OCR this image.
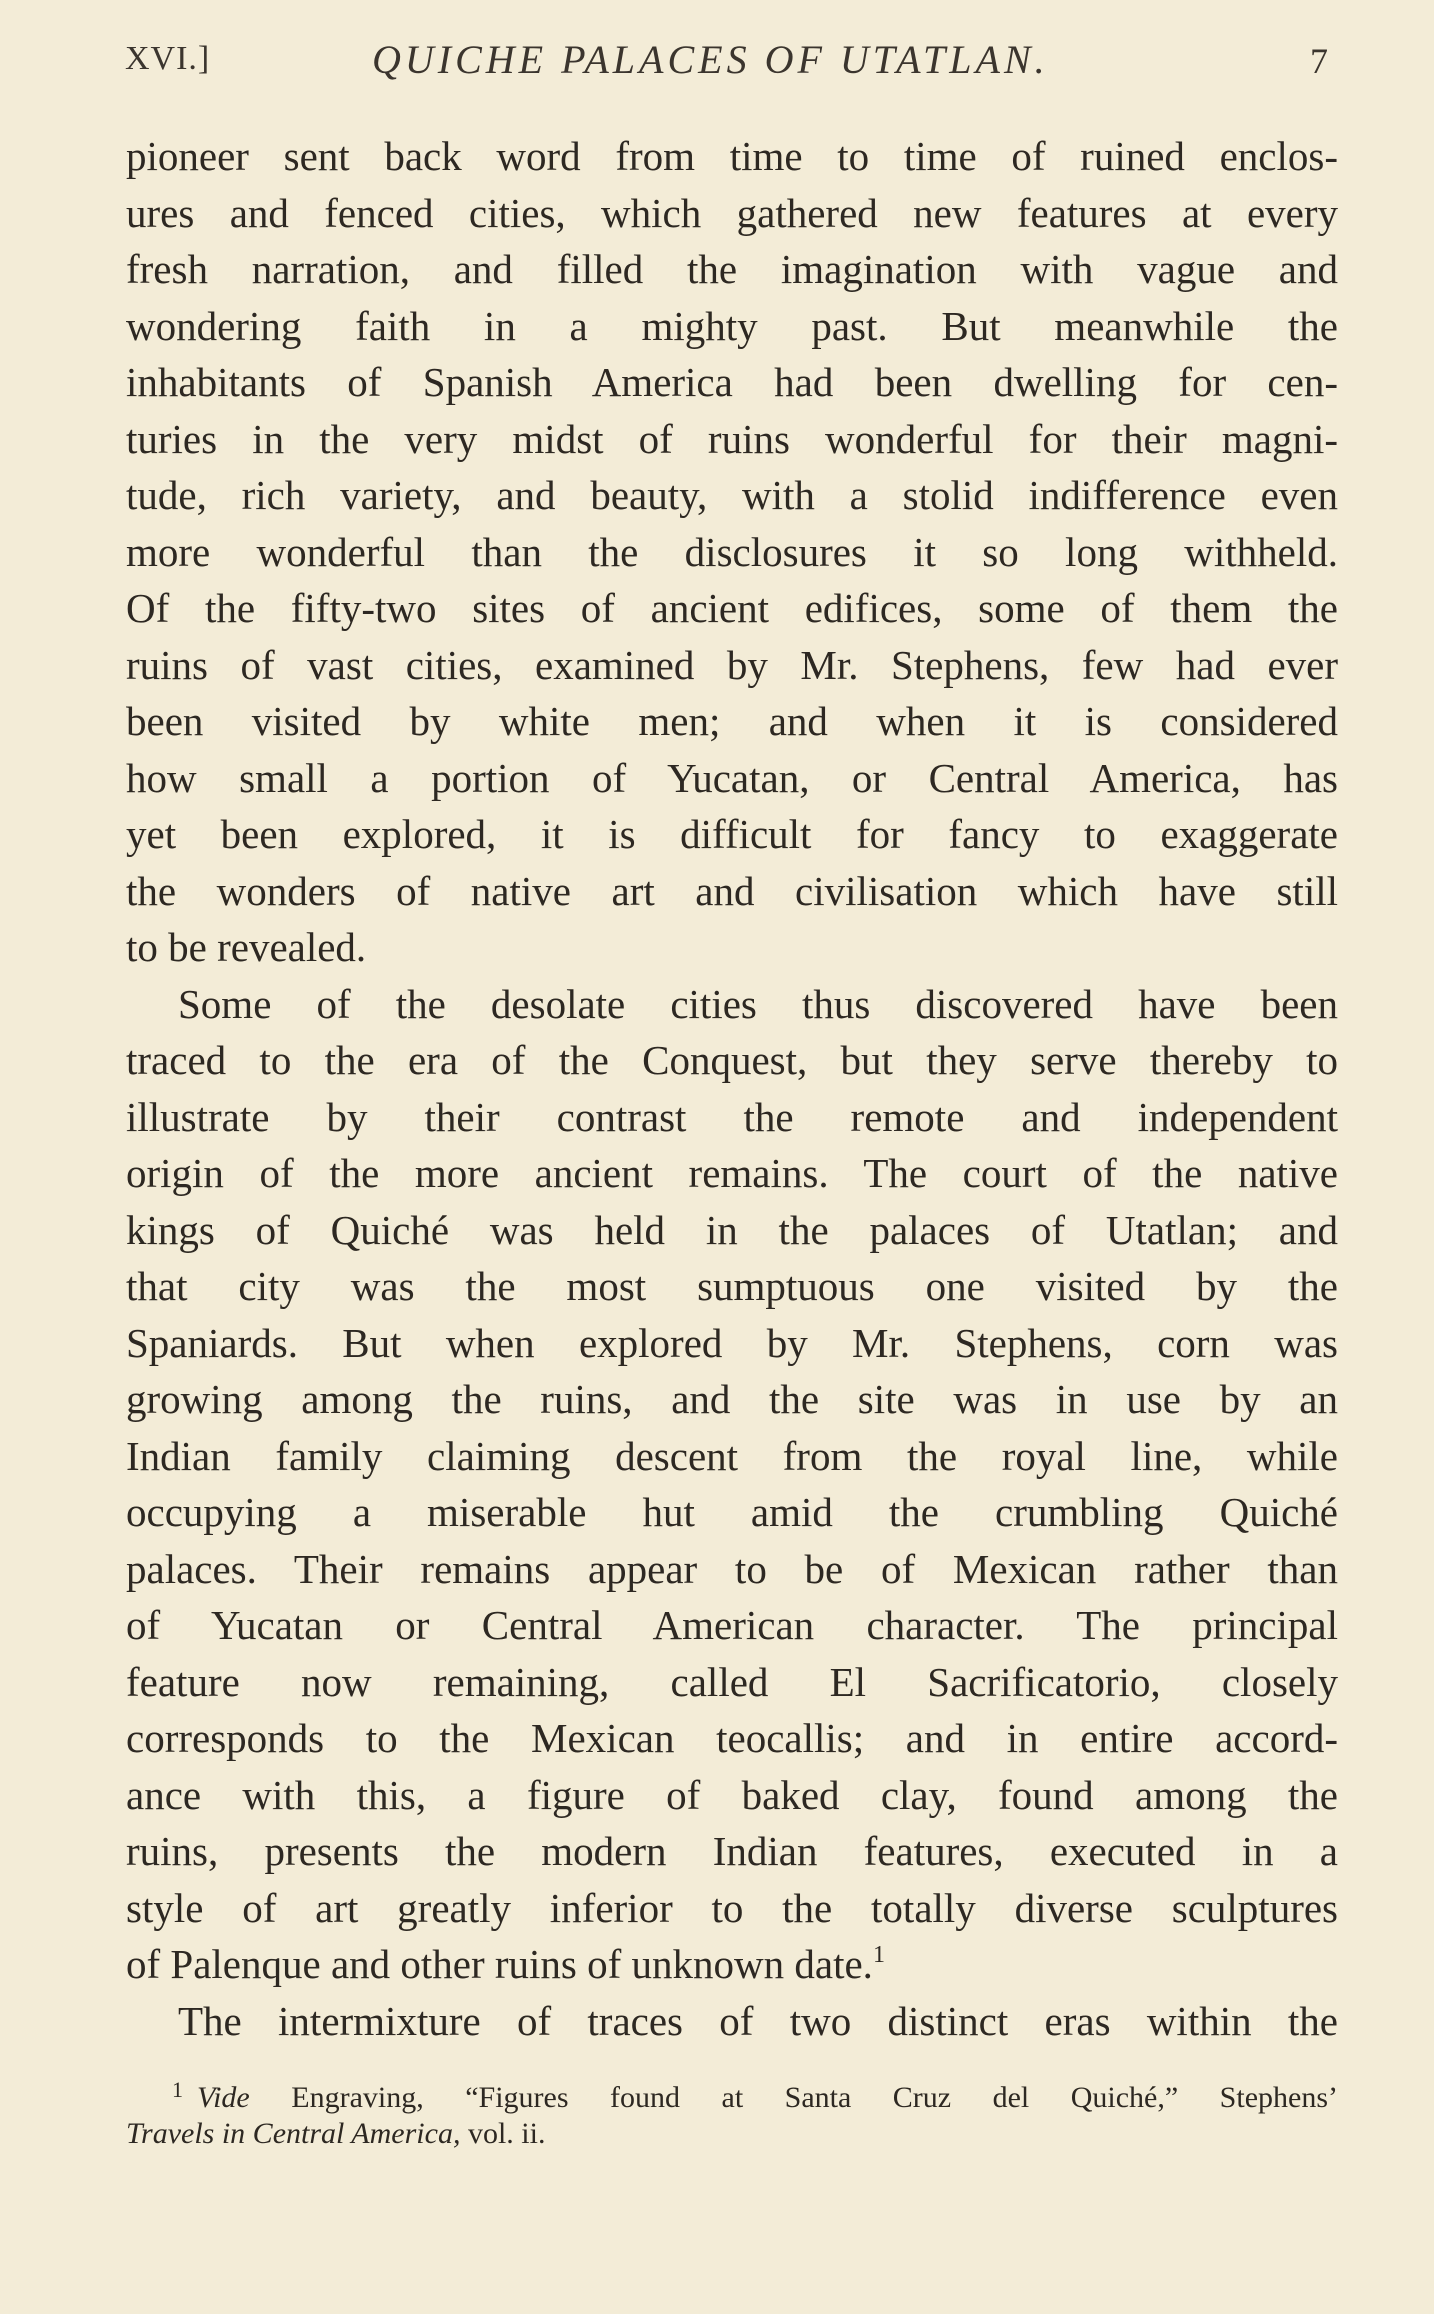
XVI.]	QUICHE PALACES OF UTATLAN.	7
pioneer sent back word from time to time of ruined enclos-
ures and fenced cities, which gathered new features at every
fresh narration, and filled the imagination with vague and
wondering faith in a mighty past. But meanwhile the
inhabitants of Spanish America had been dwelling for cen-
turies in the very midst of ruins wonderful for their magni-
tude, rich variety, and beauty, with a stolid indifference even
more wonderful than the disclosures it so long withheld.
Of the fifty-two sites of ancient edifices, some of them the
ruins of vast cities, examined by Mr. Stephens, few had ever
been visited by white men; and when it is considered
how small a portion of Yucatan, or Central America, has
yet been explored, it is difficult for fancy to exaggerate
the wonders of native art and civilisation which have still
to be revealed.
Some of the desolate cities thus discovered have been
traced to the era of the Conquest, but they serve thereby to
illustrate by their contrast the remote and independent
origin of the more ancient remains. The court of the native
kings of Quiché was held in the palaces of Utatlan; and
that city was the most sumptuous one visited by the
Spaniards. But when explored by Mr. Stephens, corn was
growing among the ruins, and the site was in use by an
Indian family claiming descent from the royal line, while
occupying a miserable hut amid the crumbling Quiché
palaces. Their remains appear to be of Mexican rather than
of Yucatan or Central American character. The principal
feature now remaining, called El Sacrificatorio, closely
corresponds to the Mexican teocallis; and in entire accord-
ance with this, a figure of baked clay, found among the
ruins, presents the modern Indian features, executed in a
style of art greatly inferior to the totally diverse sculptures
of Palenque and other ruins of unknown date.$^1$
The intermixture of traces of two distinct eras within the
$^1$ Vide Engraving, “Figures found at Santa Cruz del Quiché,” Stephens’
Travels in Central America, vol. ii.
